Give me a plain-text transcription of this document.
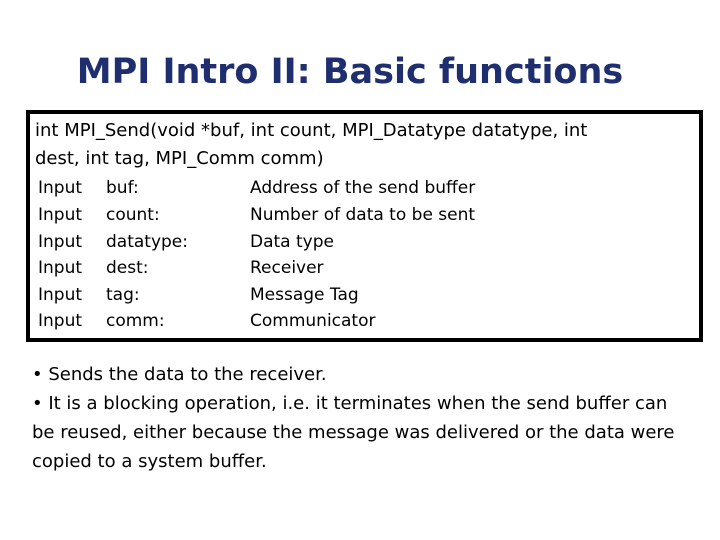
MPI Intro II: Basic functions
int MPI_Send(void *buf, int count, MPI_Datatype datatype, int
dest, int tag, MPI_Comm comm)
Input buf:	Address of the send buffer
Input count:	Number of data to be sent
Input datatype:	Data type
Input dest:	Receiver
Input tag:	Message Tag
Input comm:	Communicator
• Sends the data to the receiver.
• It is a blocking operation, i.e. it terminates when the send buffer can be reused, either because the message was delivered or the data were copied to a system buffer.
